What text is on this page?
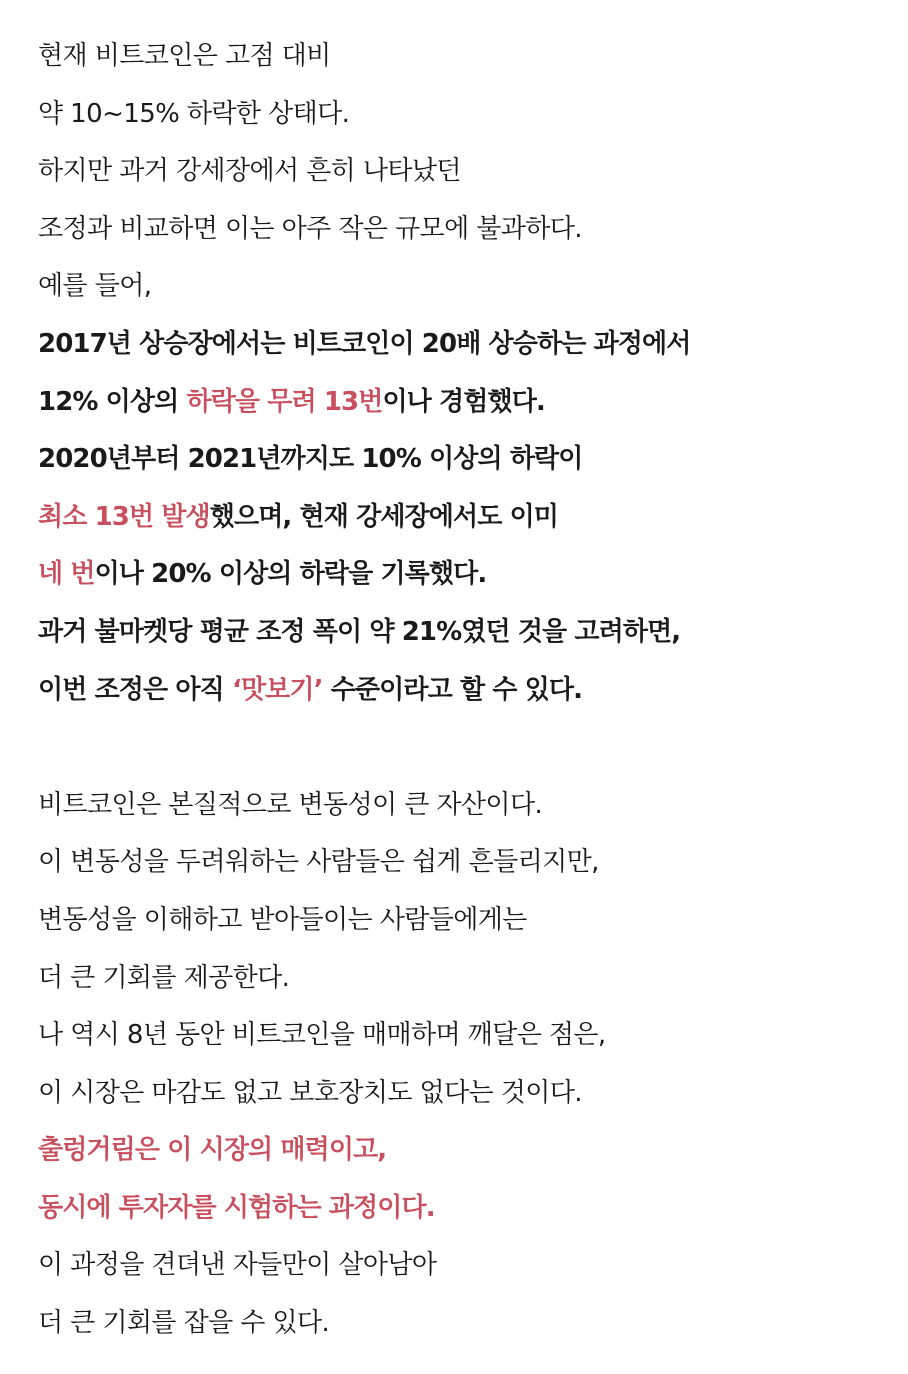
현재 비트코인은 고점 대비
약 10~15% 하락한 상태다.
하지만 과거 강세장에서 흔히 나타났던
조정과 비교하면 이는 아주 작은 규모에 불과하다.
예를 들어,
2017년 상승장에서는 비트코인이 20배 상승하는 과정에서
12% 이상의 하락을 무려 13번이나 경험했다.
2020년부터 2021년까지도 10% 이상의 하락이
최소 13번 발생했으며, 현재 강세장에서도 이미
네 번이나 20% 이상의 하락을 기록했다.
과거 불마켓당 평균 조정 폭이 약 21%였던 것을 고려하면,
이번 조정은 아직 ‘맛보기’ 수준이라고 할 수 있다.
비트코인은 본질적으로 변동성이 큰 자산이다.
이 변동성을 두려워하는 사람들은 쉽게 흔들리지만,
변동성을 이해하고 받아들이는 사람들에게는
더 큰 기회를 제공한다.
나 역시 8년 동안 비트코인을 매매하며 깨달은 점은,
이 시장은 마감도 없고 보호장치도 없다는 것이다.
출렁거림은 이 시장의 매력이고,
동시에 투자자를 시험하는 과정이다.
이 과정을 견뎌낸 자들만이 살아남아
더 큰 기회를 잡을 수 있다.
